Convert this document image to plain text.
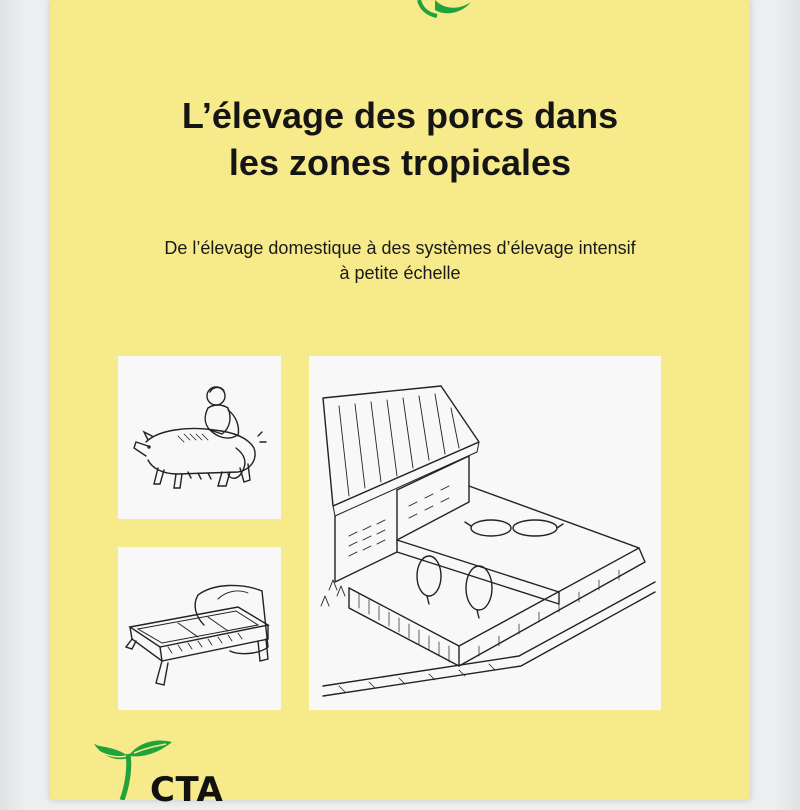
L’élevage des porcs dans
les zones tropicales
De l’élevage domestique à des systèmes d’élevage intensif
à petite échelle
CTA
